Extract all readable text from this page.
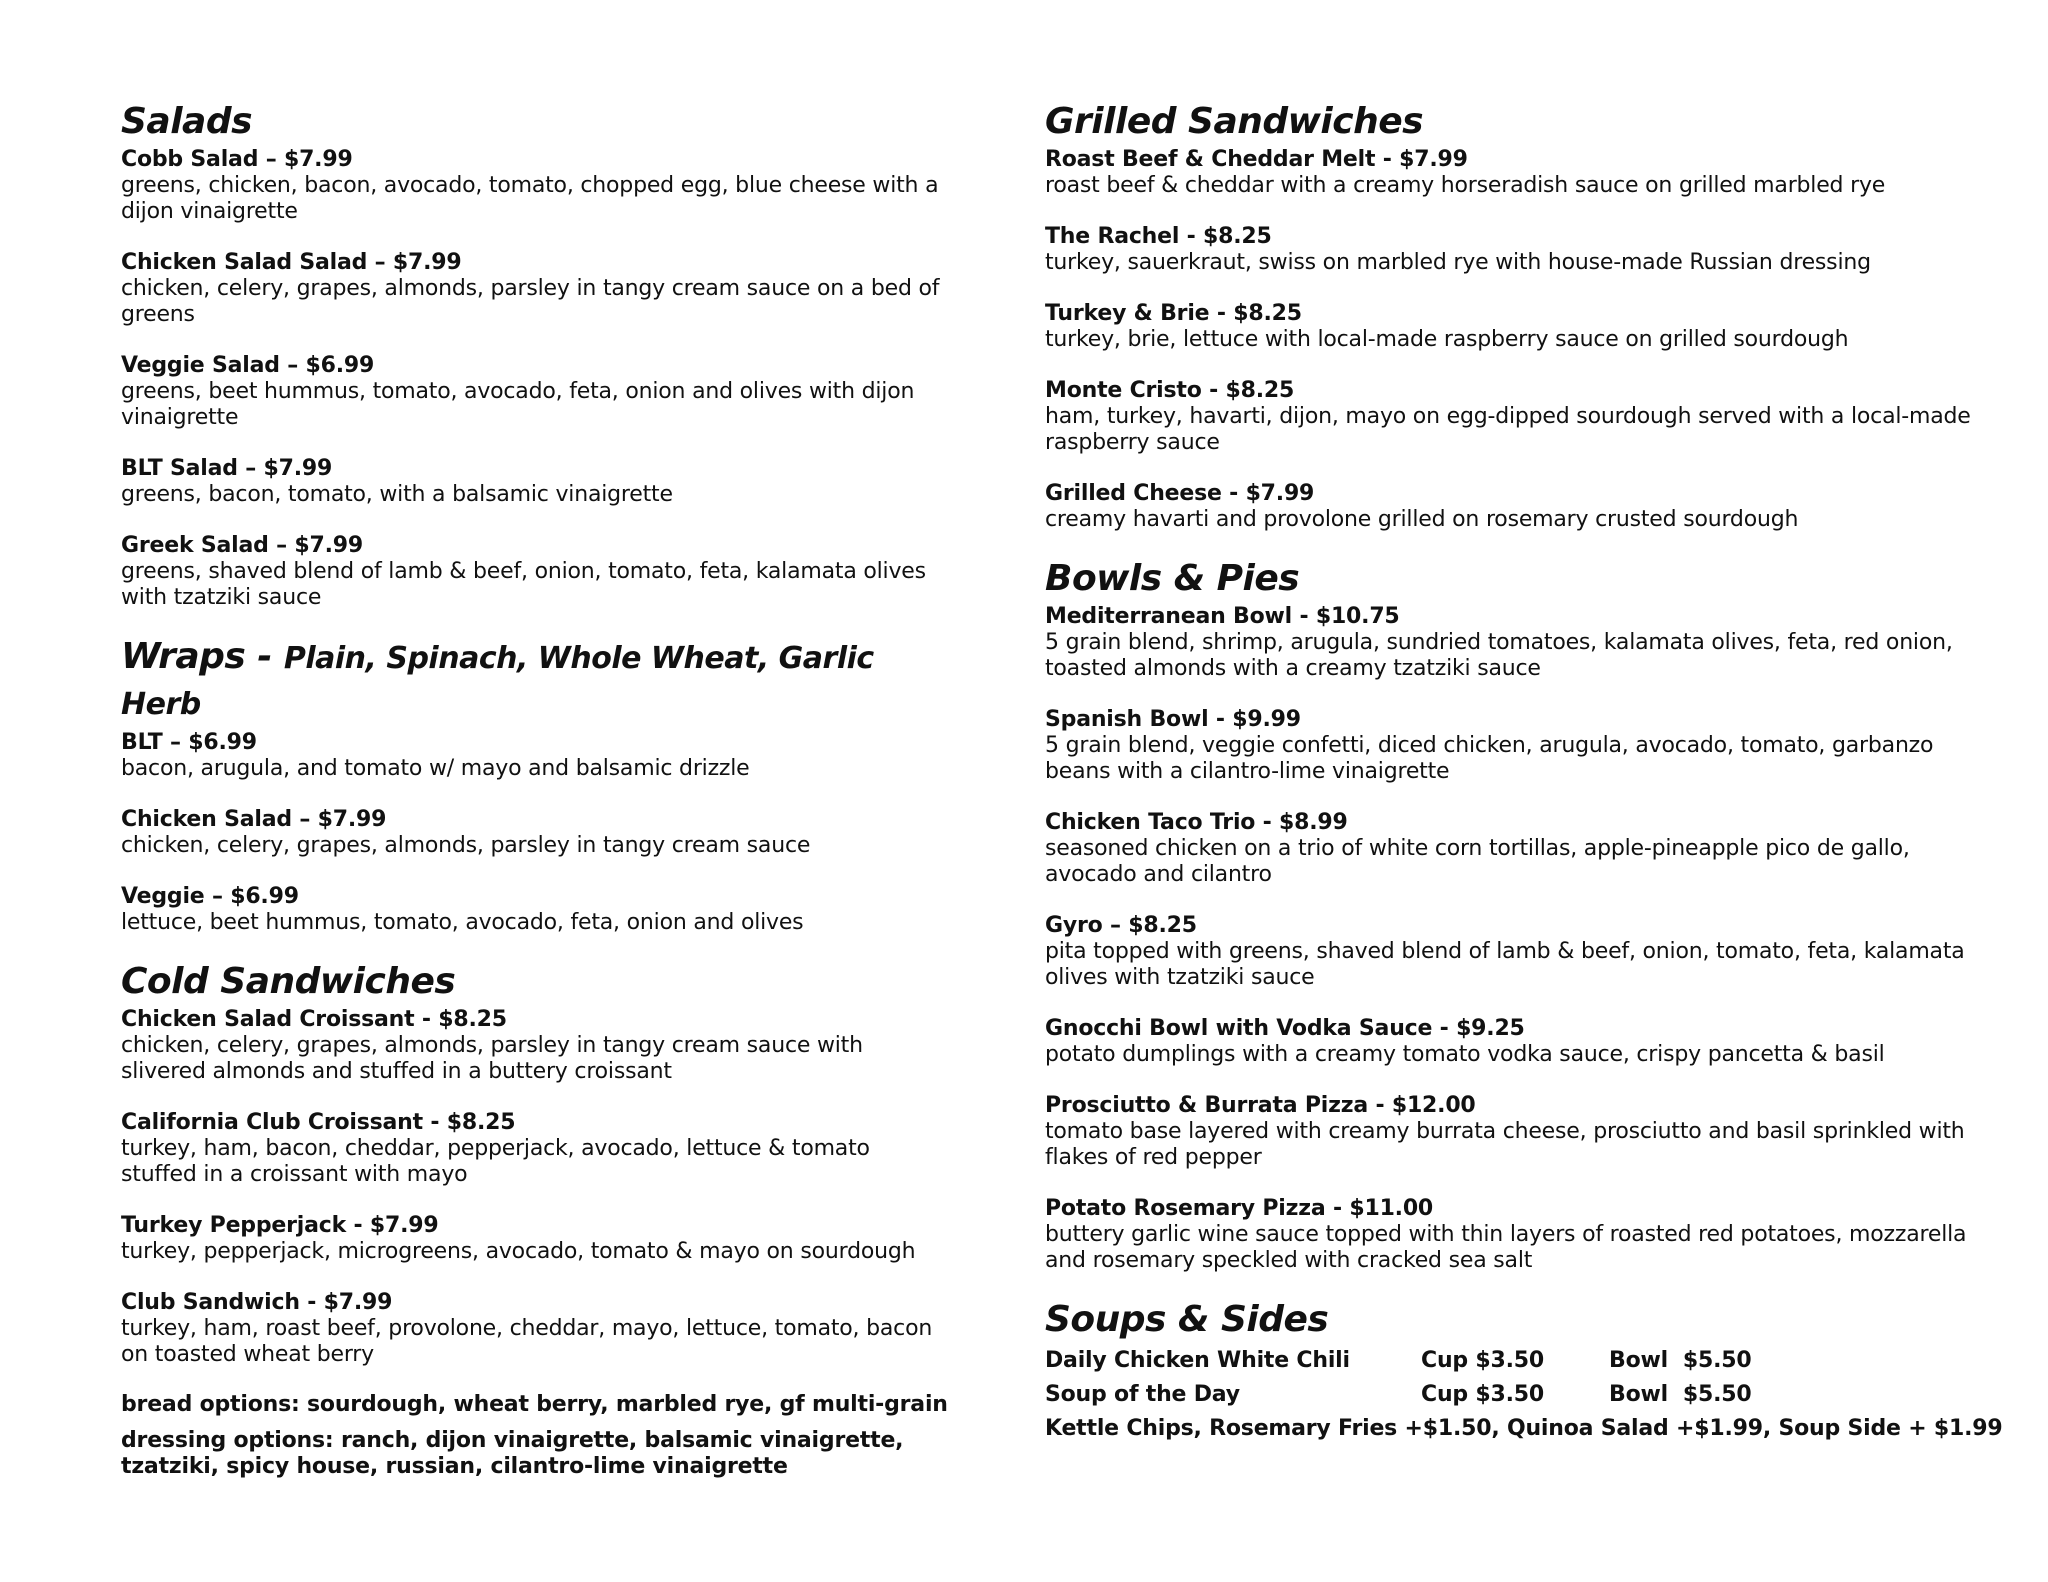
Salads
Cobb Salad – $7.99
greens, chicken, bacon, avocado, tomato, chopped egg, blue cheese with a dijon vinaigrette
Chicken Salad Salad – $7.99
chicken, celery, grapes, almonds, parsley in tangy cream sauce on a bed of greens
Veggie Salad – $6.99
greens, beet hummus, tomato, avocado, feta, onion and olives with dijon vinaigrette
BLT Salad – $7.99
greens, bacon, tomato, with a balsamic vinaigrette
Greek Salad – $7.99
greens, shaved blend of lamb & beef, onion, tomato, feta, kalamata olives with tzatziki sauce
Wraps - Plain, Spinach, Whole Wheat, Garlic Herb
BLT – $6.99
bacon, arugula, and tomato w/ mayo and balsamic drizzle
Chicken Salad – $7.99
chicken, celery, grapes, almonds, parsley in tangy cream sauce
Veggie – $6.99
lettuce, beet hummus, tomato, avocado, feta, onion and olives
Cold Sandwiches
Chicken Salad Croissant - $8.25
chicken, celery, grapes, almonds, parsley in tangy cream sauce with slivered almonds and stuffed in a buttery croissant
California Club Croissant - $8.25
turkey, ham, bacon, cheddar, pepperjack, avocado, lettuce & tomato stuffed in a croissant with mayo
Turkey Pepperjack - $7.99
turkey, pepperjack, microgreens, avocado, tomato & mayo on sourdough
Club Sandwich - $7.99
turkey, ham, roast beef, provolone, cheddar, mayo, lettuce, tomato, bacon on toasted wheat berry
bread options: sourdough, wheat berry, marbled rye, gf multi-grain
dressing options: ranch, dijon vinaigrette, balsamic vinaigrette, tzatziki, spicy house, russian, cilantro-lime vinaigrette
Grilled Sandwiches
Roast Beef & Cheddar Melt - $7.99
roast beef & cheddar with a creamy horseradish sauce on grilled marbled rye
The Rachel - $8.25
turkey, sauerkraut, swiss on marbled rye with house-made Russian dressing
Turkey & Brie - $8.25
turkey, brie, lettuce with local-made raspberry sauce on grilled sourdough
Monte Cristo - $8.25
ham, turkey, havarti, dijon, mayo on egg-dipped sourdough served with a local-made raspberry sauce
Grilled Cheese - $7.99
creamy havarti and provolone grilled on rosemary crusted sourdough
Bowls & Pies
Mediterranean Bowl - $10.75
5 grain blend, shrimp, arugula, sundried tomatoes, kalamata olives, feta, red onion, toasted almonds with a creamy tzatziki sauce
Spanish Bowl - $9.99
5 grain blend, veggie confetti, diced chicken, arugula, avocado, tomato, garbanzo beans with a cilantro-lime vinaigrette
Chicken Taco Trio - $8.99
seasoned chicken on a trio of white corn tortillas, apple-pineapple pico de gallo, avocado and cilantro
Gyro – $8.25
pita topped with greens, shaved blend of lamb & beef, onion, tomato, feta, kalamata olives with tzatziki sauce
Gnocchi Bowl with Vodka Sauce - $9.25
potato dumplings with a creamy tomato vodka sauce, crispy pancetta & basil
Prosciutto & Burrata Pizza - $12.00
tomato base layered with creamy burrata cheese, prosciutto and basil sprinkled with flakes of red pepper
Potato Rosemary Pizza - $11.00
buttery garlic wine sauce topped with thin layers of roasted red potatoes, mozzarella and rosemary speckled with cracked sea salt
Soups & Sides
Daily Chicken White Chili	Cup $3.50	Bowl  $5.50
Soup of the Day	Cup $3.50	Bowl  $5.50
Kettle Chips, Rosemary Fries +$1.50, Quinoa Salad +$1.99, Soup Side + $1.99
